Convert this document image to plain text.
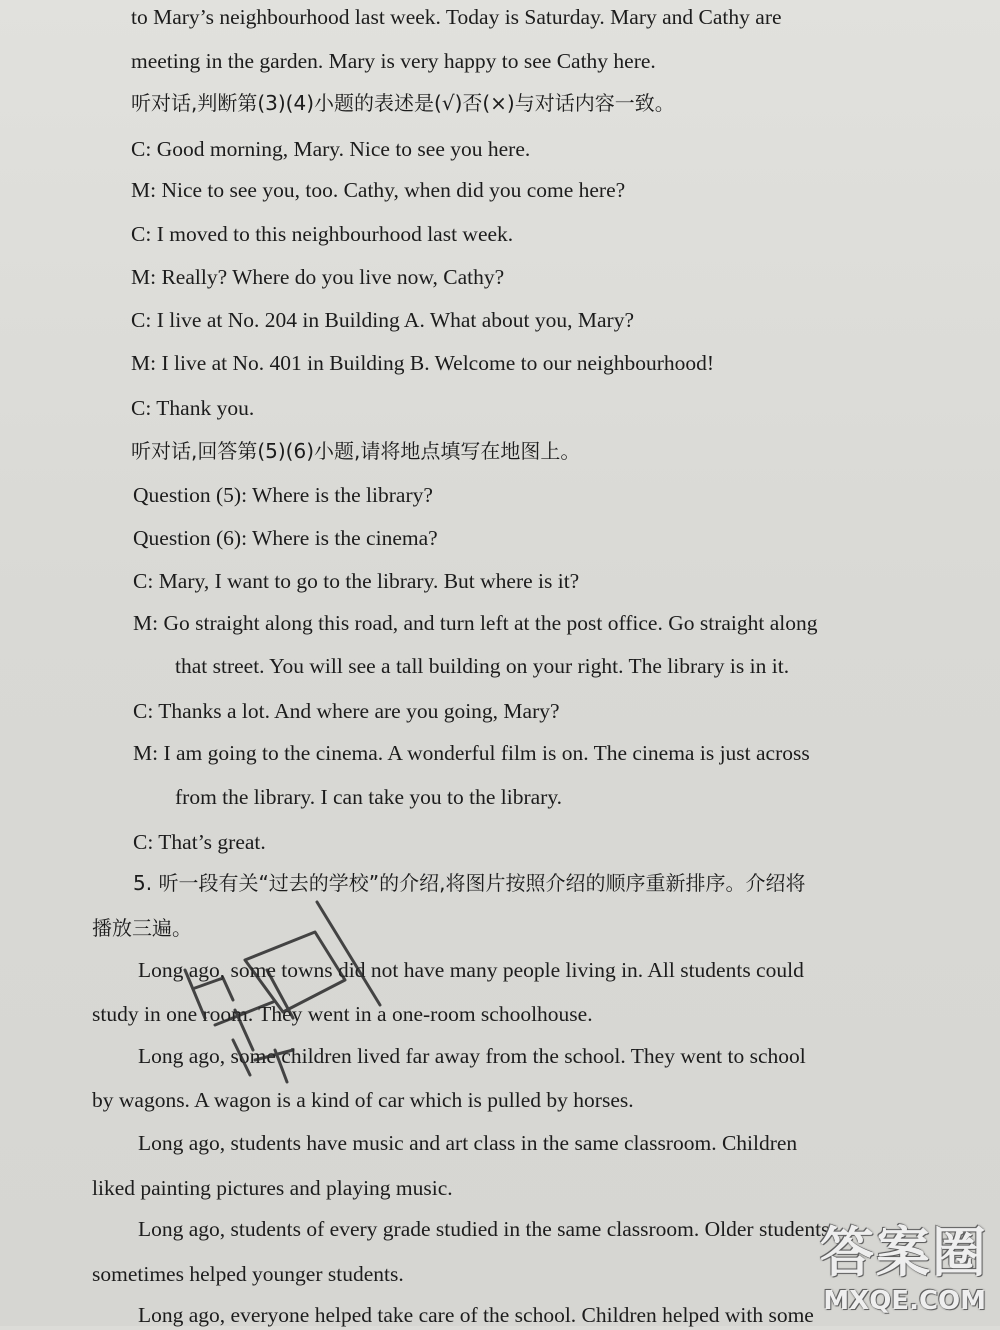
to Mary’s neighbourhood last week. Today is Saturday. Mary and Cathy are
meeting in the garden. Mary is very happy to see Cathy here.
听对话,判断第(3)(4)小题的表述是(√)否(×)与对话内容一致。
C: Good morning, Mary. Nice to see you here.
M: Nice to see you, too. Cathy, when did you come here?
C: I moved to this neighbourhood last week.
M: Really? Where do you live now, Cathy?
C: I live at No. 204 in Building A. What about you, Mary?
M: I live at No. 401 in Building B. Welcome to our neighbourhood!
C: Thank you.
听对话,回答第(5)(6)小题,请将地点填写在地图上。
Question (5): Where is the library?
Question (6): Where is the cinema?
C: Mary, I want to go to the library. But where is it?
M: Go straight along this road, and turn left at the post office. Go straight along
that street. You will see a tall building on your right. The library is in it.
C: Thanks a lot. And where are you going, Mary?
M: I am going to the cinema. A wonderful film is on. The cinema is just across
from the library. I can take you to the library.
C: That’s great.
5. 听一段有关“过去的学校”的介绍,将图片按照介绍的顺序重新排序。介绍将
播放三遍。
Long ago, some towns did not have many people living in. All students could
study in one room. They went in a one-room schoolhouse.
Long ago, some children lived far away from the school. They went to school
by wagons. A wagon is a kind of car which is pulled by horses.
Long ago, students have music and art class in the same classroom. Children
liked painting pictures and playing music.
Long ago, students of every grade studied in the same classroom. Older students
sometimes helped younger students.
Long ago, everyone helped take care of the school. Children helped with some
答案圈
MXQE.COM
